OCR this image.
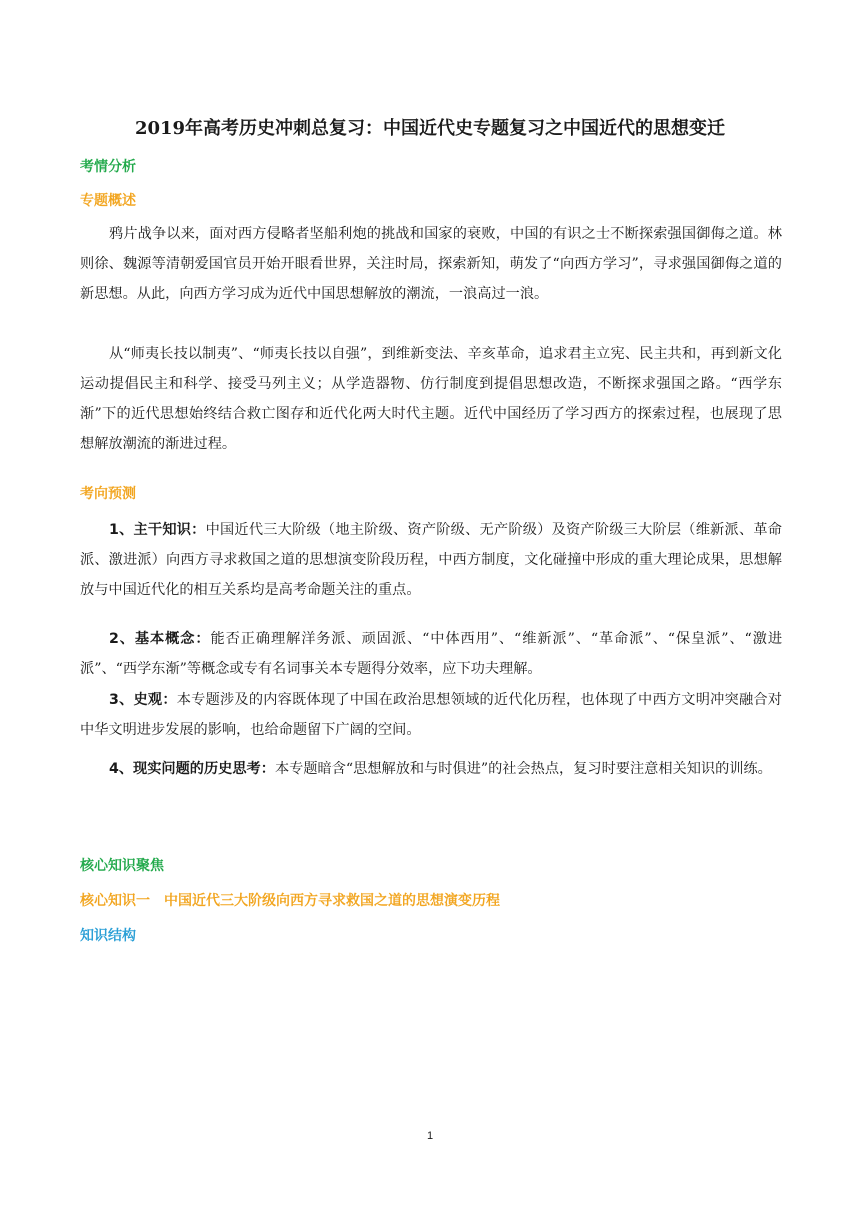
2019年高考历史冲刺总复习：中国近代史专题复习之中国近代的思想变迁
考情分析
专题概述

鸦片战争以来，面对西方侵略者坚船利炮的挑战和国家的衰败，中国的有识之士不断探索强国御侮之道。林则徐、魏源等清朝爱国官员开始开眼看世界，关注时局，探索新知，萌发了“向西方学习”，寻求强国御侮之道的新思想。从此，向西方学习成为近代中国思想解放的潮流，一浪高过一浪。

从“师夷长技以制夷”、“师夷长技以自强”，到维新变法、辛亥革命，追求君主立宪、民主共和，再到新文化运动提倡民主和科学、接受马列主义；从学造器物、仿行制度到提倡思想改造，不断探求强国之路。“西学东渐”下的近代思想始终结合救亡图存和近代化两大时代主题。近代中国经历了学习西方的探索过程，也展现了思想解放潮流的渐进过程。

考向预测

1、主干知识：中国近代三大阶级（地主阶级、资产阶级、无产阶级）及资产阶级三大阶层（维新派、革命派、激进派）向西方寻求救国之道的思想演变阶段历程，中西方制度，文化碰撞中形成的重大理论成果，思想解放与中国近代化的相互关系均是高考命题关注的重点。

2、基本概念：能否正确理解洋务派、顽固派、“中体西用”、“维新派”、“革命派”、“保皇派”、“激进派”、“西学东渐”等概念或专有名词事关本专题得分效率，应下功夫理解。

3、史观：本专题涉及的内容既体现了中国在政治思想领域的近代化历程，也体现了中西方文明冲突融合对中华文明进步发展的影响，也给命题留下广阔的空间。

4、现实问题的历史思考：本专题暗含“思想解放和与时俱进”的社会热点，复习时要注意相关知识的训练。

核心知识聚焦
核心知识一　中国近代三大阶级向西方寻求救国之道的思想演变历程
知识结构
1
